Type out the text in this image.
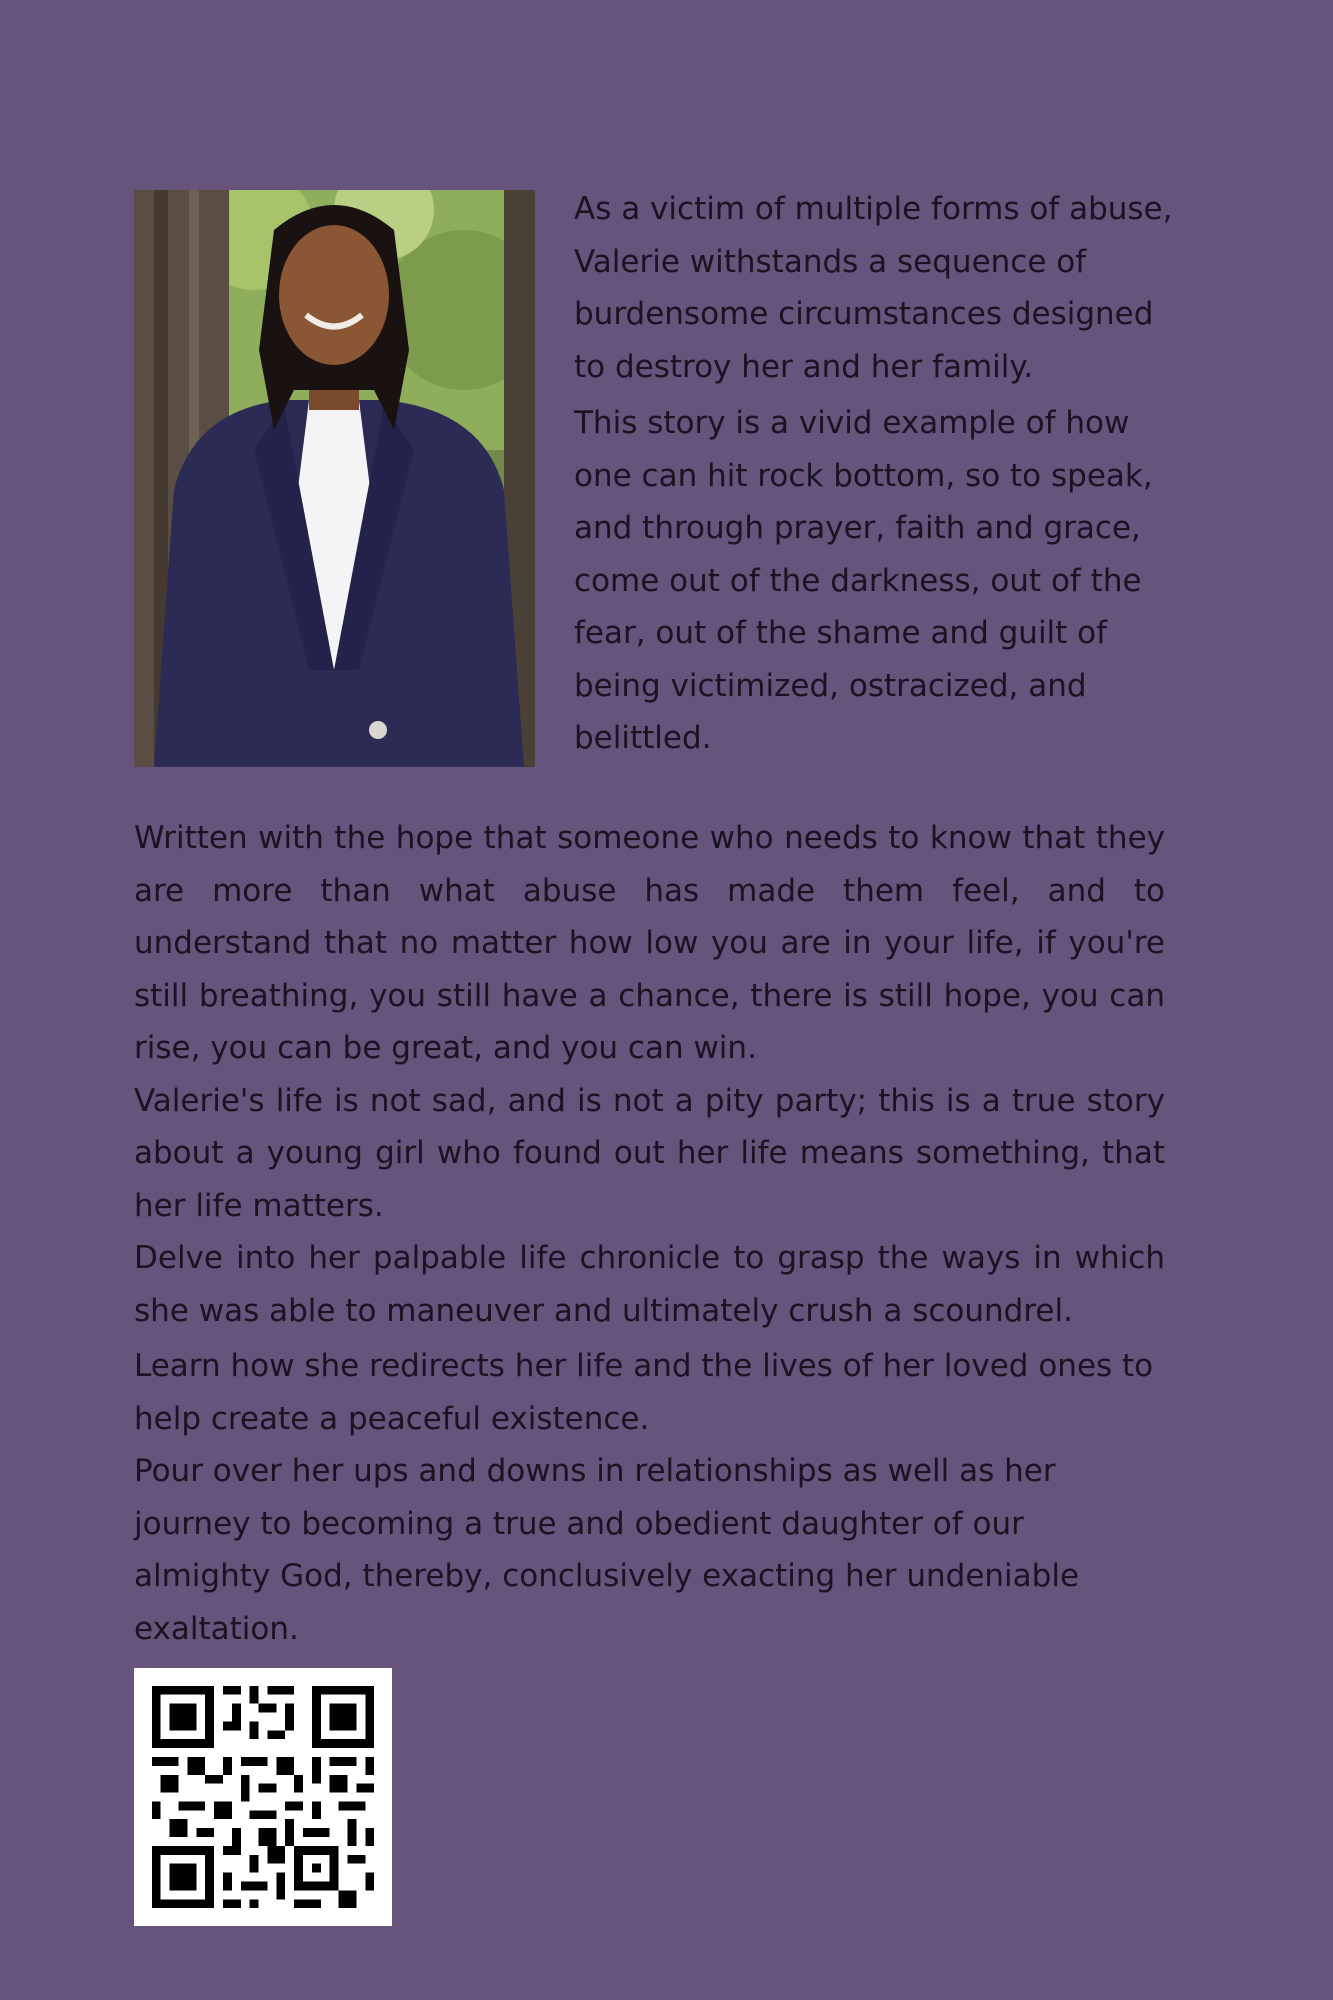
As a victim of multiple forms of abuse, Valerie withstands a sequence of burdensome circumstances designed to destroy her and her family.

This story is a vivid example of how one can hit rock bottom, so to speak, and through prayer, faith and grace, come out of the darkness, out of the fear, out of the shame and guilt of being victimized, ostracized, and belittled.

Written with the hope that someone who needs to know that they are more than what abuse has made them feel, and to understand that no matter how low you are in your life, if you're still breathing, you still have a chance, there is still hope, you can rise, you can be great, and you can win.

Valerie's life is not sad, and is not a pity party; this is a true story about a young girl who found out her life means something, that her life matters.

Delve into her palpable life chronicle to grasp the ways in which she was able to maneuver and ultimately crush a scoundrel.

Learn how she redirects her life and the lives of her loved ones to help create a peaceful existence.

Pour over her ups and downs in relationships as well as her journey to becoming a true and obedient daughter of our almighty God, thereby, conclusively exacting her undeniable exaltation.
